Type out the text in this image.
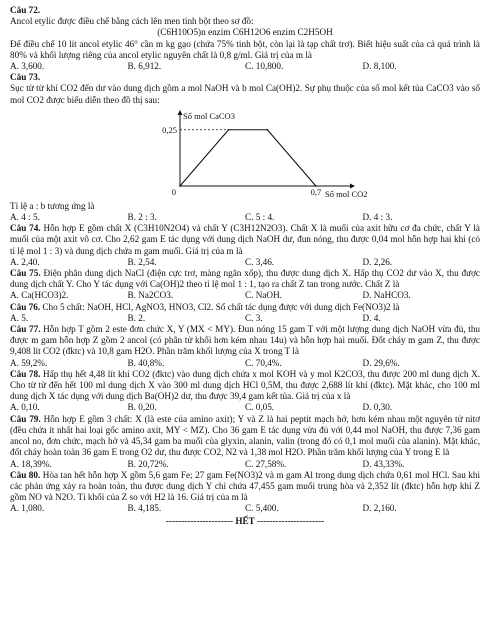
Câu 72.

Ancol etylic được điều chế bằng cách lên men tinh bột theo sơ đồ:

(C6H10O5)n enzim C6H12O6 enzim C2H5OH

Để điều chế 10 lít ancol etylic 46° cần m kg gạo (chứa 75% tinh bột, còn lại là tạp chất trơ). Biết hiệu suất của cả quá trình là 80% và khối lượng riêng của ancol etylic nguyên chất là 0,8 g/ml. Giá trị của m là

A. 3,600.	B. 6,912.	C. 10,800.	D. 8,100.
Câu 73.

Sục từ từ khí CO2 đến dư vào dung dịch gồm a mol NaOH và b mol Ca(OH)2. Sự phụ thuộc của số mol kết tủa CaCO3 vào số mol CO2 được biểu diễn theo đồ thị sau:

Số mol CaCO3
Số mol CO2
0
0,25
0,7

Tỉ lệ a : b tương ứng là

A. 4 : 5.	B. 2 : 3.	C. 5 : 4.	D. 4 : 3.

Câu 74. Hỗn hợp E gồm chất X (C3H10N2O4) và chất Y (C3H12N2O3). Chất X là muối của axit hữu cơ đa chức, chất Y là muối của một axit vô cơ. Cho 2,62 gam E tác dụng với dung dịch NaOH dư, đun nóng, thu được 0,04 mol hỗn hợp hai khí (có tỉ lệ mol 1 : 3) và dung dịch chứa m gam muối. Giá trị của m là

A. 2,40.	B. 2,54.	C. 3,46.	D. 2,26.

Câu 75. Điện phân dung dịch NaCl (điện cực trơ, màng ngăn xốp), thu được dung dịch X. Hấp thụ CO2 dư vào X, thu được dung dịch chất Y. Cho Y tác dụng với Ca(OH)2 theo tỉ lệ mol 1 : 1, tạo ra chất Z tan trong nước. Chất Z là

A. Ca(HCO3)2.	B. Na2CO3.	C. NaOH.	D. NaHCO3.

Câu 76. Cho 5 chất: NaOH, HCl, AgNO3, HNO3, Cl2. Số chất tác dụng được với dung dịch Fe(NO3)2 là

A. 5.	B. 2.	C. 3.	D. 4.

Câu 77. Hỗn hợp T gồm 2 este đơn chức X, Y (MX < MY). Đun nóng 15 gam T với một lượng dung dịch NaOH vừa đủ, thu được m gam hỗn hợp Z gồm 2 ancol (có phân tử khối hơn kém nhau 14u) và hỗn hợp hai muối. Đốt cháy m gam Z, thu được 9,408 lít CO2 (đktc) và 10,8 gam H2O. Phần trăm khối lượng của X trong T là

A. 59,2%.	B. 40,8%.	C. 70,4%.	D. 29,6%.

Câu 78. Hấp thụ hết 4,48 lít khí CO2 (đktc) vào dung dịch chứa x mol KOH và y mol K2CO3, thu được 200 ml dung dịch X. Cho từ từ đến hết 100 ml dung dịch X vào 300 ml dung dịch HCl 0,5M, thu được 2,688 lít khí (đktc). Mặt khác, cho 100 ml dung dịch X tác dụng với dung dịch Ba(OH)2 dư, thu được 39,4 gam kết tủa. Giá trị của x là

A. 0,10.	B. 0,20.	C. 0,05.	D. 0,30.

Câu 79. Hỗn hợp E gồm 3 chất: X (là este của amino axit); Y và Z là hai peptit mạch hở, hơn kém nhau một nguyên tử nitơ (đều chứa ít nhất hai loại gốc amino axit, MY < MZ). Cho 36 gam E tác dụng vừa đủ với 0,44 mol NaOH, thu được 7,36 gam ancol no, đơn chức, mạch hở và 45,34 gam ba muối của glyxin, alanin, valin (trong đó có 0,1 mol muối của alanin). Mặt khác, đốt cháy hoàn toàn 36 gam E trong O2 dư, thu được CO2, N2 và 1,38 mol H2O. Phần trăm khối lượng của Y trong E là

A. 18,39%.	B. 20,72%.	C. 27,58%.	D. 43,33%.

Câu 80. Hòa tan hết hỗn hợp X gồm 5,6 gam Fe; 27 gam Fe(NO3)2 và m gam Al trong dung dịch chứa 0,61 mol HCl. Sau khi các phản ứng xảy ra hoàn toàn, thu được dung dịch Y chỉ chứa 47,455 gam muối trung hòa và 2,352 lít (đktc) hỗn hợp khí Z gồm NO và N2O. Tỉ khối của Z so với H2 là 16. Giá trị của m là

A. 1,080.	B. 4,185.	C. 5,400.	D. 2,160.
---------------------- HẾT ----------------------
